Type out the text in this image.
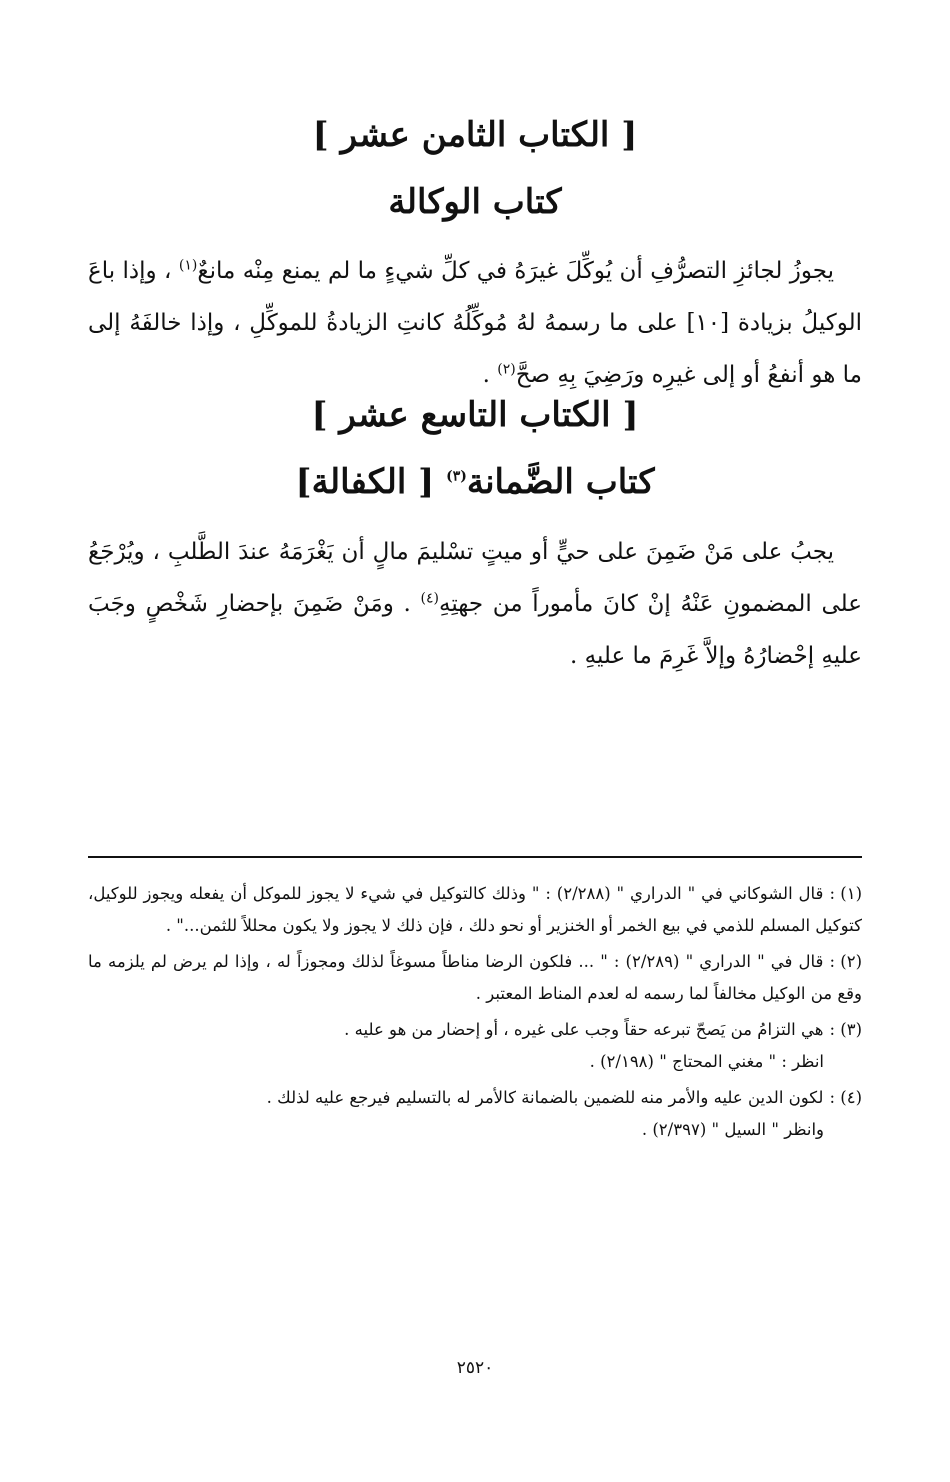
[ الكتاب الثامن عشر ]
كتاب الوكالة

يجوزُ لجائزِ التصرُّفِ أن يُوكِّلَ غيرَهُ في كلِّ شيءٍ ما لم يمنع مِنْه مانعٌ$^{(١)}$ ، وإذا باعَ الوكيلُ بزيادة [١٠] على ما رسمهُ لهُ مُوكِّلُهُ كانتِ الزيادةُ للموكِّلِ ، وإذا خالفَهُ إلى ما هو أنفعُ أو إلى غيرِه ورَضِيَ بِهِ صحَّ$^{(٢)}$ .

[ الكتاب التاسع عشر ]
كتاب الضَّمانة$^{(٣)}$ [ الكفالة]

يجبُ على مَنْ ضَمِنَ على حيٍّ أو ميتٍ تسْليمَ مالٍ أن يَغْرَمَهُ عندَ الطَّلبِ ، ويُرْجَعُ على المضمونِ عَنْهُ إنْ كانَ مأموراً من جهتِهِ$^{(٤)}$ . ومَنْ ضَمِنَ بإحضارِ شَخْصٍ وجَبَ عليهِ إحْضارُهُ وإلاَّ غَرِمَ ما عليهِ .

(١) :قال الشوكاني في " الدراري " (٢/٢٨٨) : " وذلك كالتوكيل في شيء لا يجوز للموكل أن يفعله ويجوز للوكيل، كتوكيل المسلم للذمي في بيع الخمر أو الخنزير أو نحو دلك ، فإن ذلك لا يجوز ولا يكون محللاً للثمن..." .

(٢) :قال في " الدراري " (٢/٢٨٩) : " ... فلكون الرضا مناطاً مسوغاً لذلك ومجوزاً له ، وإذا لم يرض لم يلزمه ما وقع من الوكيل مخالفاً لما رسمه له لعدم المناط المعتبر .

(٣) :هي التزامُ من يَصحّ تبرعه حقاً وجب على غيره ، أو إحضار من هو عليه .
انظر : " مغني المحتاج " (٢/١٩٨) .

(٤) :لكون الدين عليه والأمر منه للضمين بالضمانة كالأمر له بالتسليم فيرجع عليه لذلك .
وانظر " السيل " (٢/٣٩٧) .

٢٥٢٠
